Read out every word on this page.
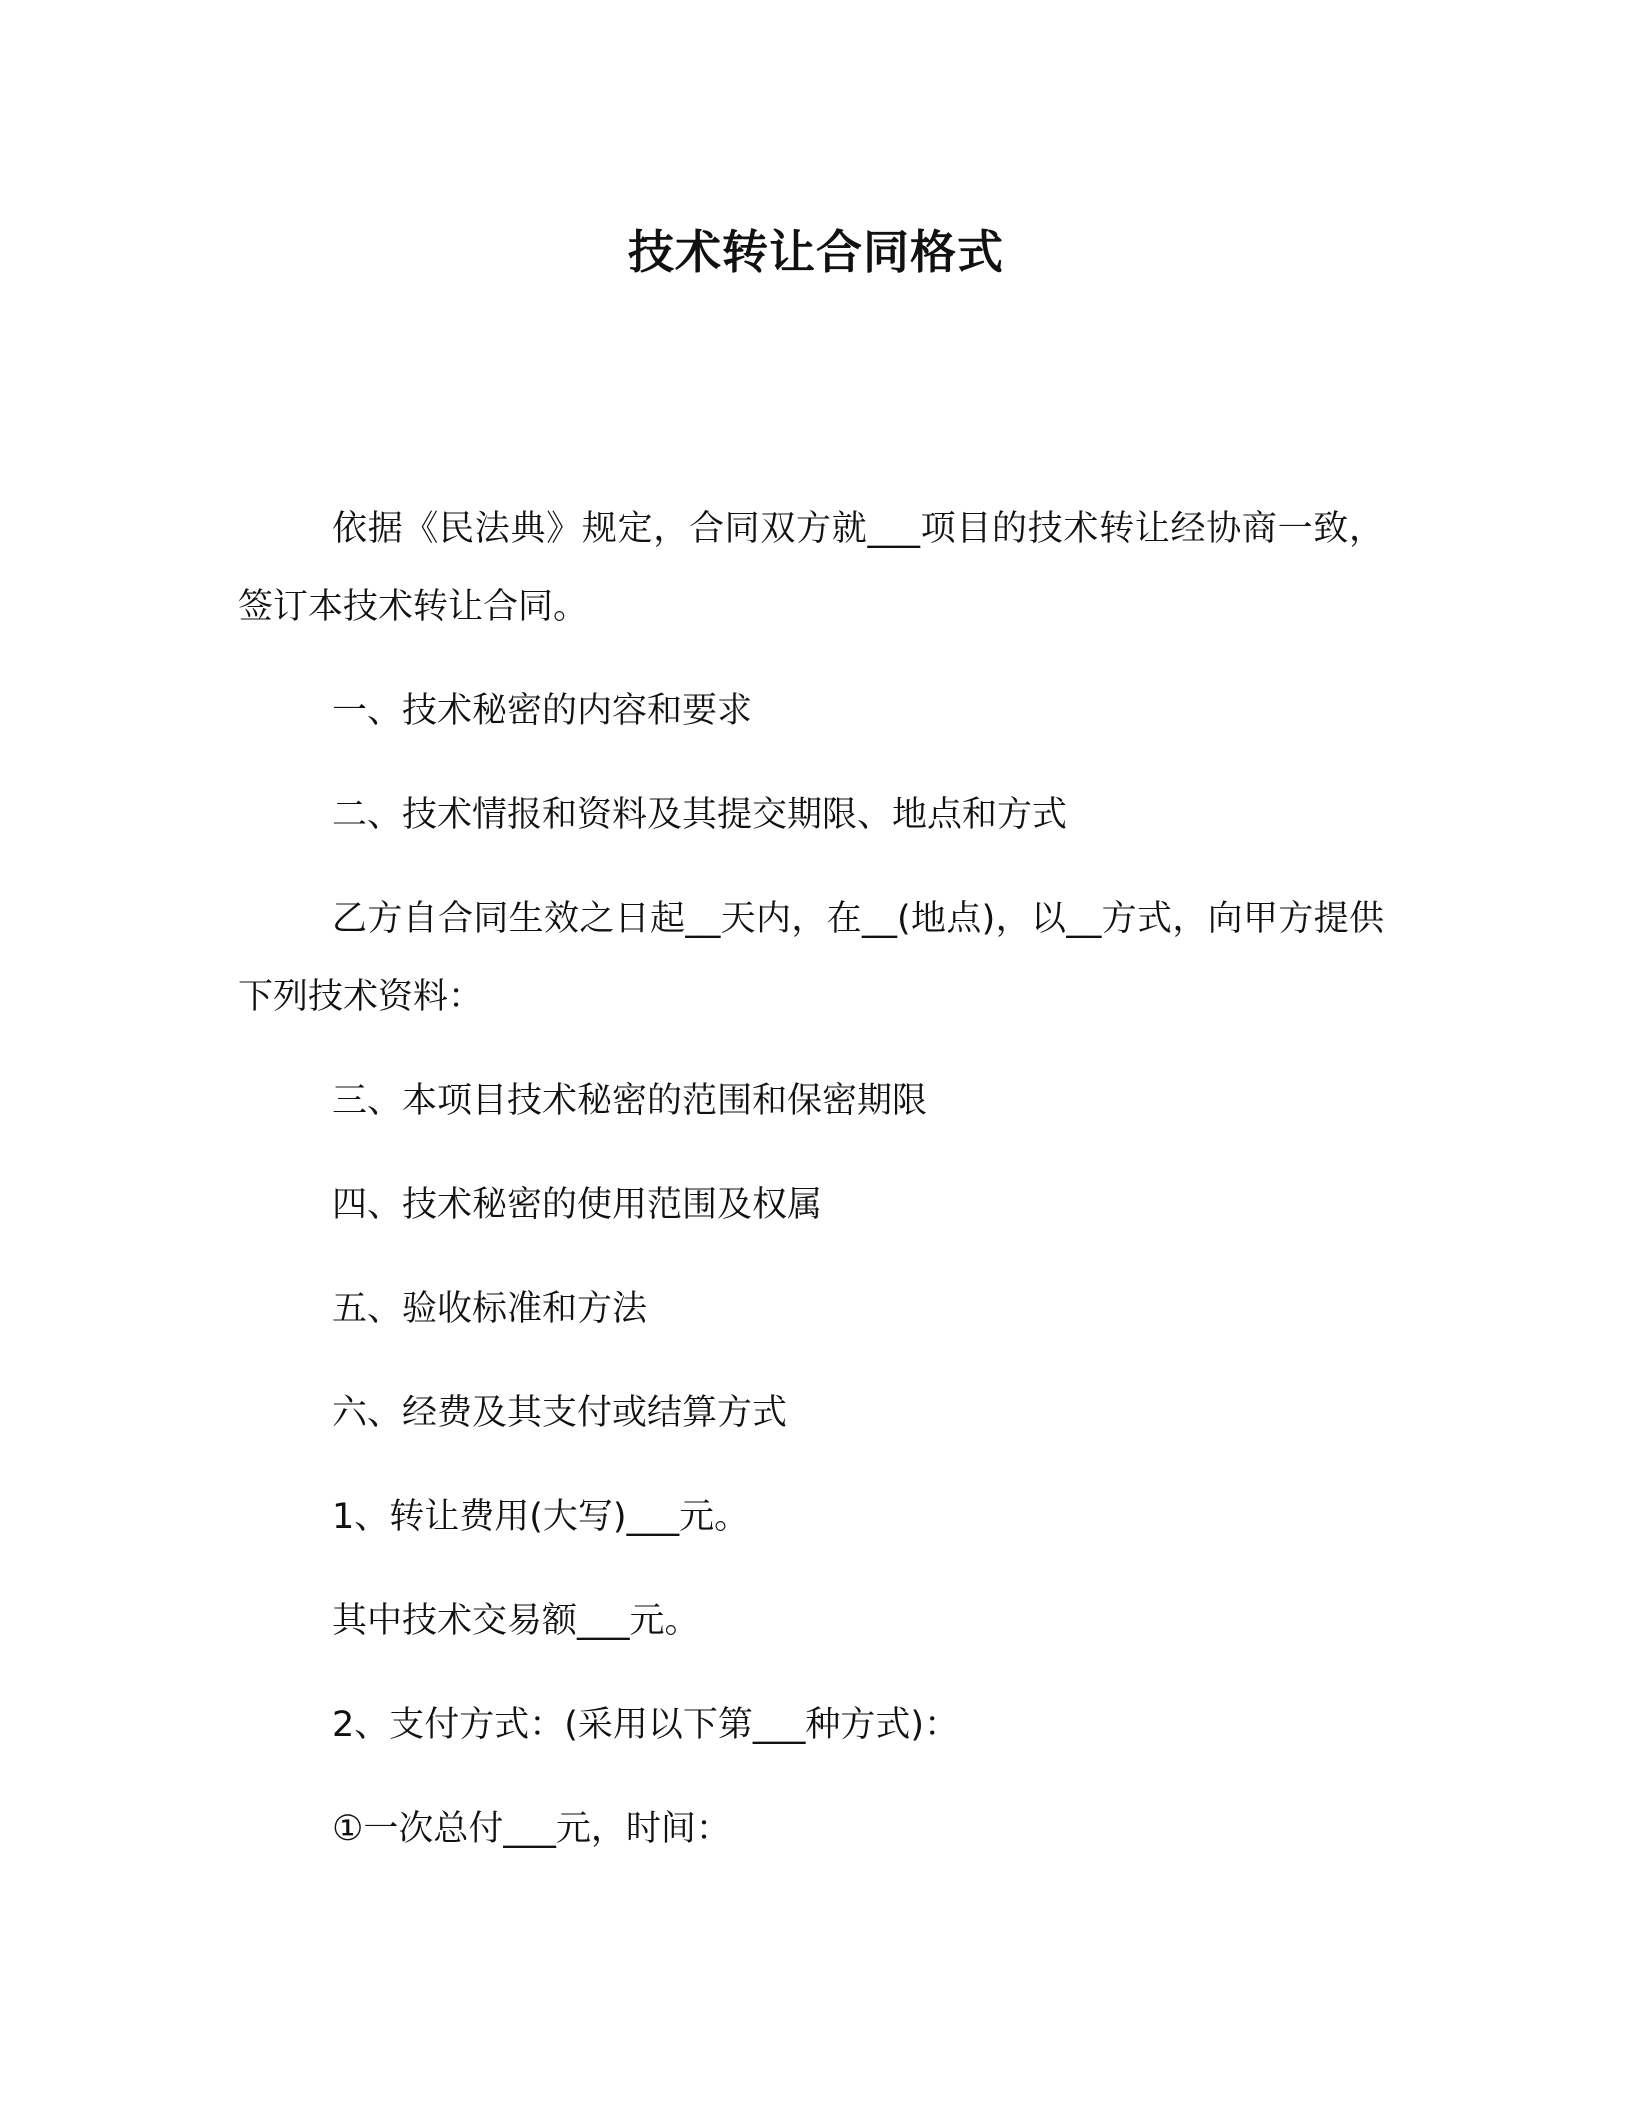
技术转让合同格式

依据《民法典》规定，合同双方就___项目的技术转让经协商一致，签订本技术转让合同。

一、技术秘密的内容和要求

二、技术情报和资料及其提交期限、地点和方式

乙方自合同生效之日起__天内，在__(地点)，以__方式，向甲方提供下列技术资料：

三、本项目技术秘密的范围和保密期限

四、技术秘密的使用范围及权属

五、验收标准和方法

六、经费及其支付或结算方式

1、转让费用(大写)___元。

其中技术交易额___元。

2、支付方式：(采用以下第___种方式)：

①一次总付___元，时间：
